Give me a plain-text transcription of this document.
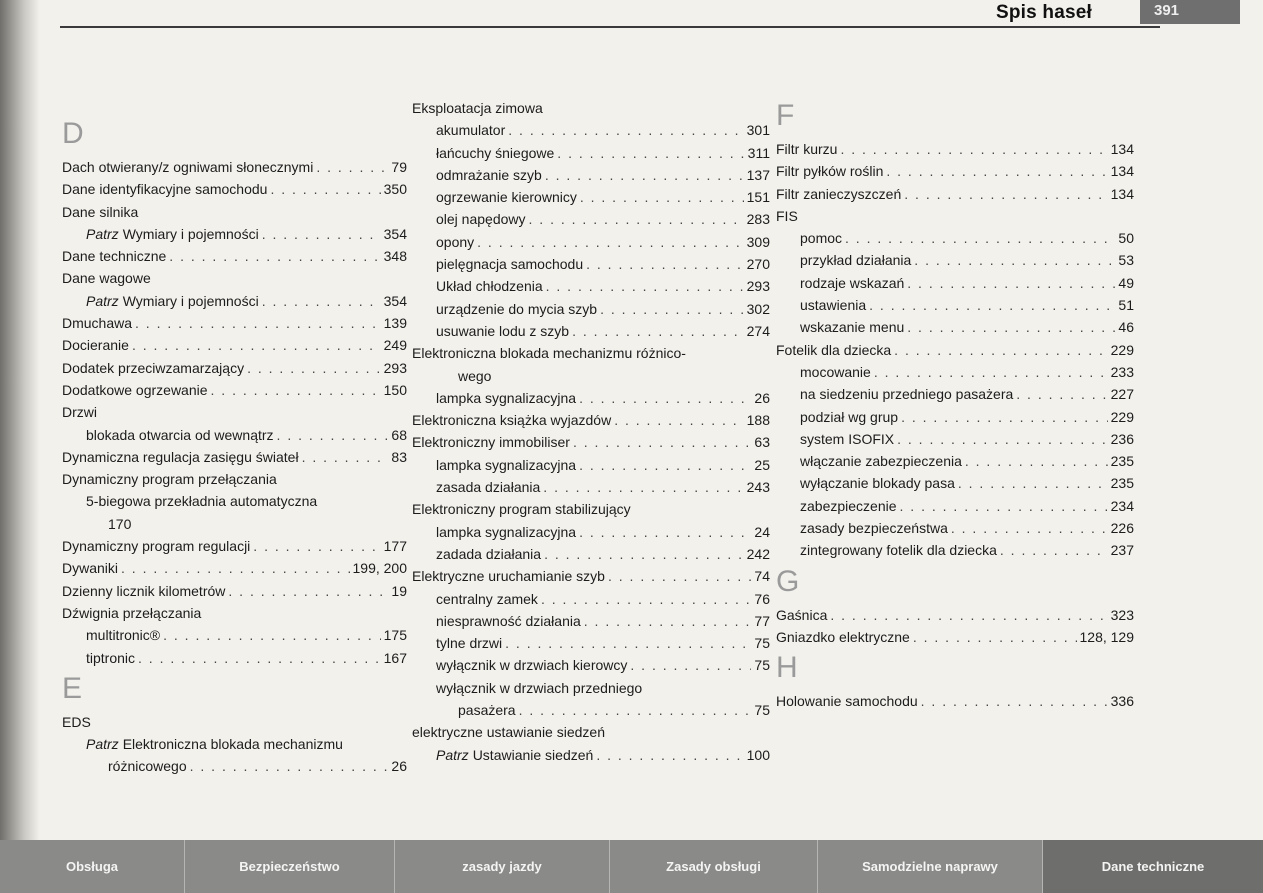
Spis haseł	391
D
Dach otwierany/z ogniwami słonecznymi . . .	79
Dane identyfikacyjne samochodu . . .	350
Dane silnika
Patrz Wymiary i pojemności . . .	354
Dane techniczne . . .	348
Dane wagowe
Patrz Wymiary i pojemności . . .	354
Dmuchawa . . .	139
Docieranie . . .	249
Dodatek przeciwzamarzający . . .	293
Dodatkowe ogrzewanie . . .	150
Drzwi
blokada otwarcia od wewnątrz . . .	68
Dynamiczna regulacja zasięgu świateł . . .	83
Dynamiczny program przełączania
5-biegowa przekładnia automatyczna
170
Dynamiczny program regulacji . . .	177
Dywaniki . . .	199, 200
Dzienny licznik kilometrów . . .	19
Dźwignia przełączania
multitronic® . . .	175
tiptronic . . .	167
E
EDS
Patrz Elektroniczna blokada mechanizmu
różnicowego . . .	26
Eksploatacja zimowa
akumulator . . .	301
łańcuchy śniegowe . . .	311
odmrażanie szyb . . .	137
ogrzewanie kierownicy . . .	151
olej napędowy . . .	283
opony . . .	309
pielęgnacja samochodu . . .	270
Układ chłodzenia . . .	293
urządzenie do mycia szyb . . .	302
usuwanie lodu z szyb . . .	274
Elektroniczna blokada mechanizmu różnico-
wego
lampka sygnalizacyjna . . .	26
Elektroniczna książka wyjazdów . . .	188
Elektroniczny immobiliser . . .	63
lampka sygnalizacyjna . . .	25
zasada działania . . .	243
Elektroniczny program stabilizujący
lampka sygnalizacyjna . . .	24
zadada działania . . .	242
Elektryczne uruchamianie szyb . . .	74
centralny zamek . . .	76
niesprawność działania . . .	77
tylne drzwi . . .	75
wyłącznik w drzwiach kierowcy . . .	75
wyłącznik w drzwiach przedniego
pasażera . . .	75
elektryczne ustawianie siedzeń
Patrz Ustawianie siedzeń . . .	100
F
Filtr kurzu . . .	134
Filtr pyłków roślin . . .	134
Filtr zanieczyszczeń . . .	134
FIS
pomoc . . .	50
przykład działania . . .	53
rodzaje wskazań . . .	49
ustawienia . . .	51
wskazanie menu . . .	46
Fotelik dla dziecka . . .	229
mocowanie . . .	233
na siedzeniu przedniego pasażera . . .	227
podział wg grup . . .	229
system ISOFIX . . .	236
włączanie zabezpieczenia . . .	235
wyłączanie blokady pasa . . .	235
zabezpieczenie . . .	234
zasady bezpieczeństwa . . .	226
zintegrowany fotelik dla dziecka . . .	237
G
Gaśnica . . .	323
Gniazdko elektryczne . . .	128, 129
H
Holowanie samochodu . . .	336
Obsługa	Bezpieczeństwo	zasady jazdy	Zasady obsługi	Samodzielne naprawy	Dane techniczne
